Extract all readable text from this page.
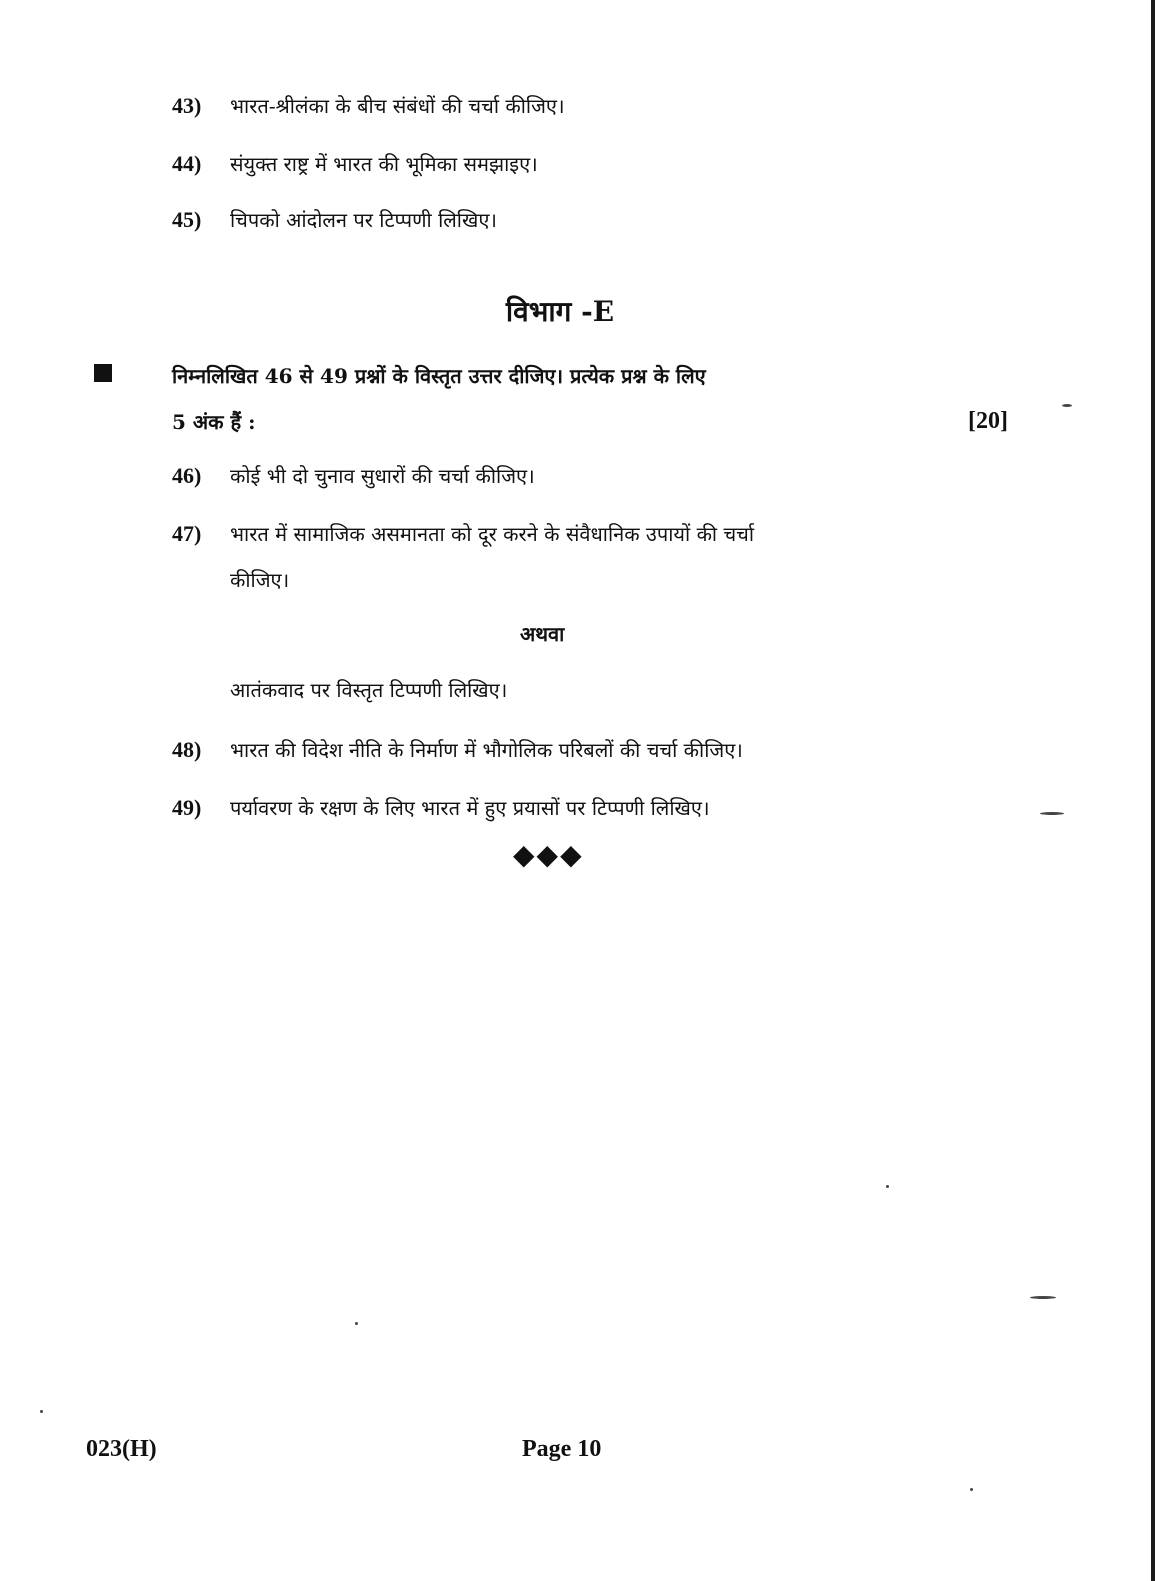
43)	भारत-श्रीलंका के बीच संबंधों की चर्चा कीजिए।
44)	संयुक्त राष्ट्र में भारत की भूमिका समझाइए।
45)	चिपको आंदोलन पर टिप्पणी लिखिए।
विभाग -E
निम्नलिखित 46 से 49 प्रश्नों के विस्तृत उत्तर दीजिए। प्रत्येक प्रश्न के लिए
5 अंक हैं :	[20]
46)	कोई भी दो चुनाव सुधारों की चर्चा कीजिए।
47)	भारत में सामाजिक असमानता को दूर करने के संवैधानिक उपायों की चर्चा
कीजिए।
अथवा
आतंकवाद पर विस्तृत टिप्पणी लिखिए।
48)	भारत की विदेश नीति के निर्माण में भौगोलिक परिबलों की चर्चा कीजिए।
49)	पर्यावरण के रक्षण के लिए भारत में हुए प्रयासों पर टिप्पणी लिखिए।
◆◆◆
023(H)	Page 10
